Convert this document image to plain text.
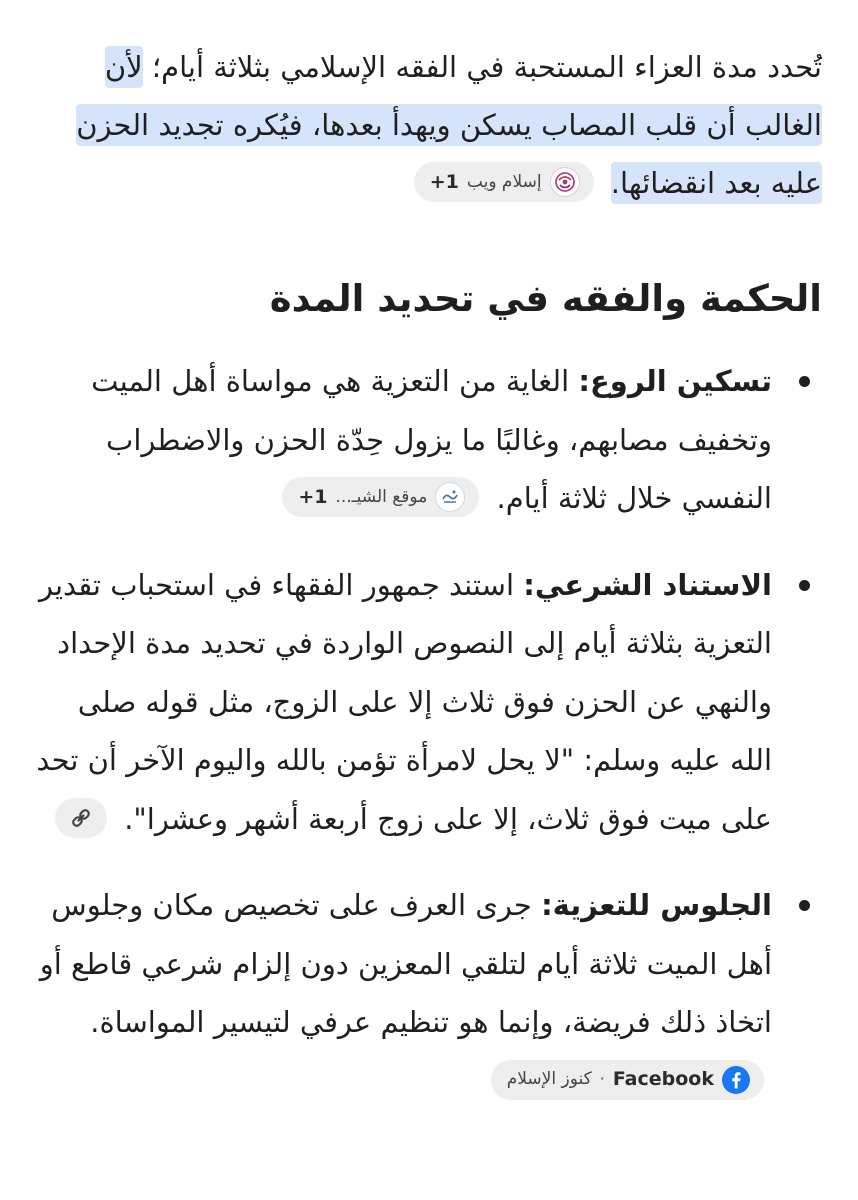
تُحدد مدة العزاء المستحبة في الفقه الإسلامي بثلاثة أيام؛ لأن الغالب أن قلب المصاب يسكن ويهدأ بعدها، فيُكره تجديد الحزن عليه بعد انقضائها.
إسلام ويب
+1

الحكمة والفقه في تحديد المدة
تسكين الروع: الغاية من التعزية هي مواساة أهل الميت وتخفيف مصابهم، وغالبًا ما يزول حِدّة الحزن والاضطراب النفسي خلال ثلاثة أيام.
موقع الشيـ...
+1
الاستناد الشرعي: استند جمهور الفقهاء في استحباب تقدير التعزية بثلاثة أيام إلى النصوص الواردة في تحديد مدة الإحداد والنهي عن الحزن فوق ثلاث إلا على الزوج، مثل قوله صلى الله عليه وسلم: "لا يحل لامرأة تؤمن بالله واليوم الآخر أن تحد على ميت فوق ثلاث، إلا على زوج أربعة أشهر وعشرا".
الجلوس للتعزية: جرى العرف على تخصيص مكان وجلوس أهل الميت ثلاثة أيام لتلقي المعزين دون إلزام شرعي قاطع أو اتخاذ ذلك فريضة، وإنما هو تنظيم عرفي لتيسير المواساة.
Facebook
·
كنوز الإسلام
